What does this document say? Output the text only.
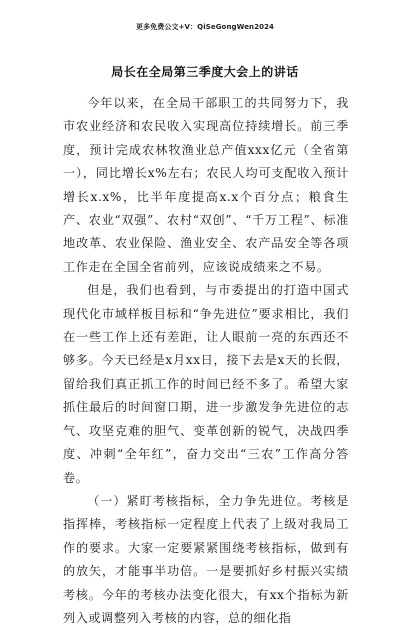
更多免费公文+V：QiSeGongWen2024
局长在全局第三季度大会上的讲话

今年以来，在全局干部职工的共同努力下，我市农业经济和农民收入实现高位持续增长。前三季度，预计完成农林牧渔业总产值xxx亿元（全省第一），同比增长x%左右；农民人均可支配收入预计增长x.x%，比半年度提高x.x个百分点；粮食生产、农业“双强”、农村“双创”、“千万工程”、标准地改革、农业保险、渔业安全、农产品安全等各项工作走在全国全省前列，应该说成绩来之不易。

但是，我们也看到，与市委提出的打造中国式现代化市域样板目标和“争先进位”要求相比，我们在一些工作上还有差距，让人眼前一亮的东西还不够多。今天已经是x月xx日，接下去是x天的长假，留给我们真正抓工作的时间已经不多了。希望大家抓住最后的时间窗口期，进一步激发争先进位的志气、攻坚克难的胆气、变革创新的锐气，决战四季度、冲刺“全年红”，奋力交出“三农”工作高分答卷。

（一）紧盯考核指标，全力争先进位。考核是指挥棒，考核指标一定程度上代表了上级对我局工作的要求。大家一定要紧紧围绕考核指标，做到有的放矢，才能事半功倍。一是要抓好乡村振兴实绩考核。今年的考核办法变化很大，有xx个指标为新列入或调整列入考核的内容，总的细化指
